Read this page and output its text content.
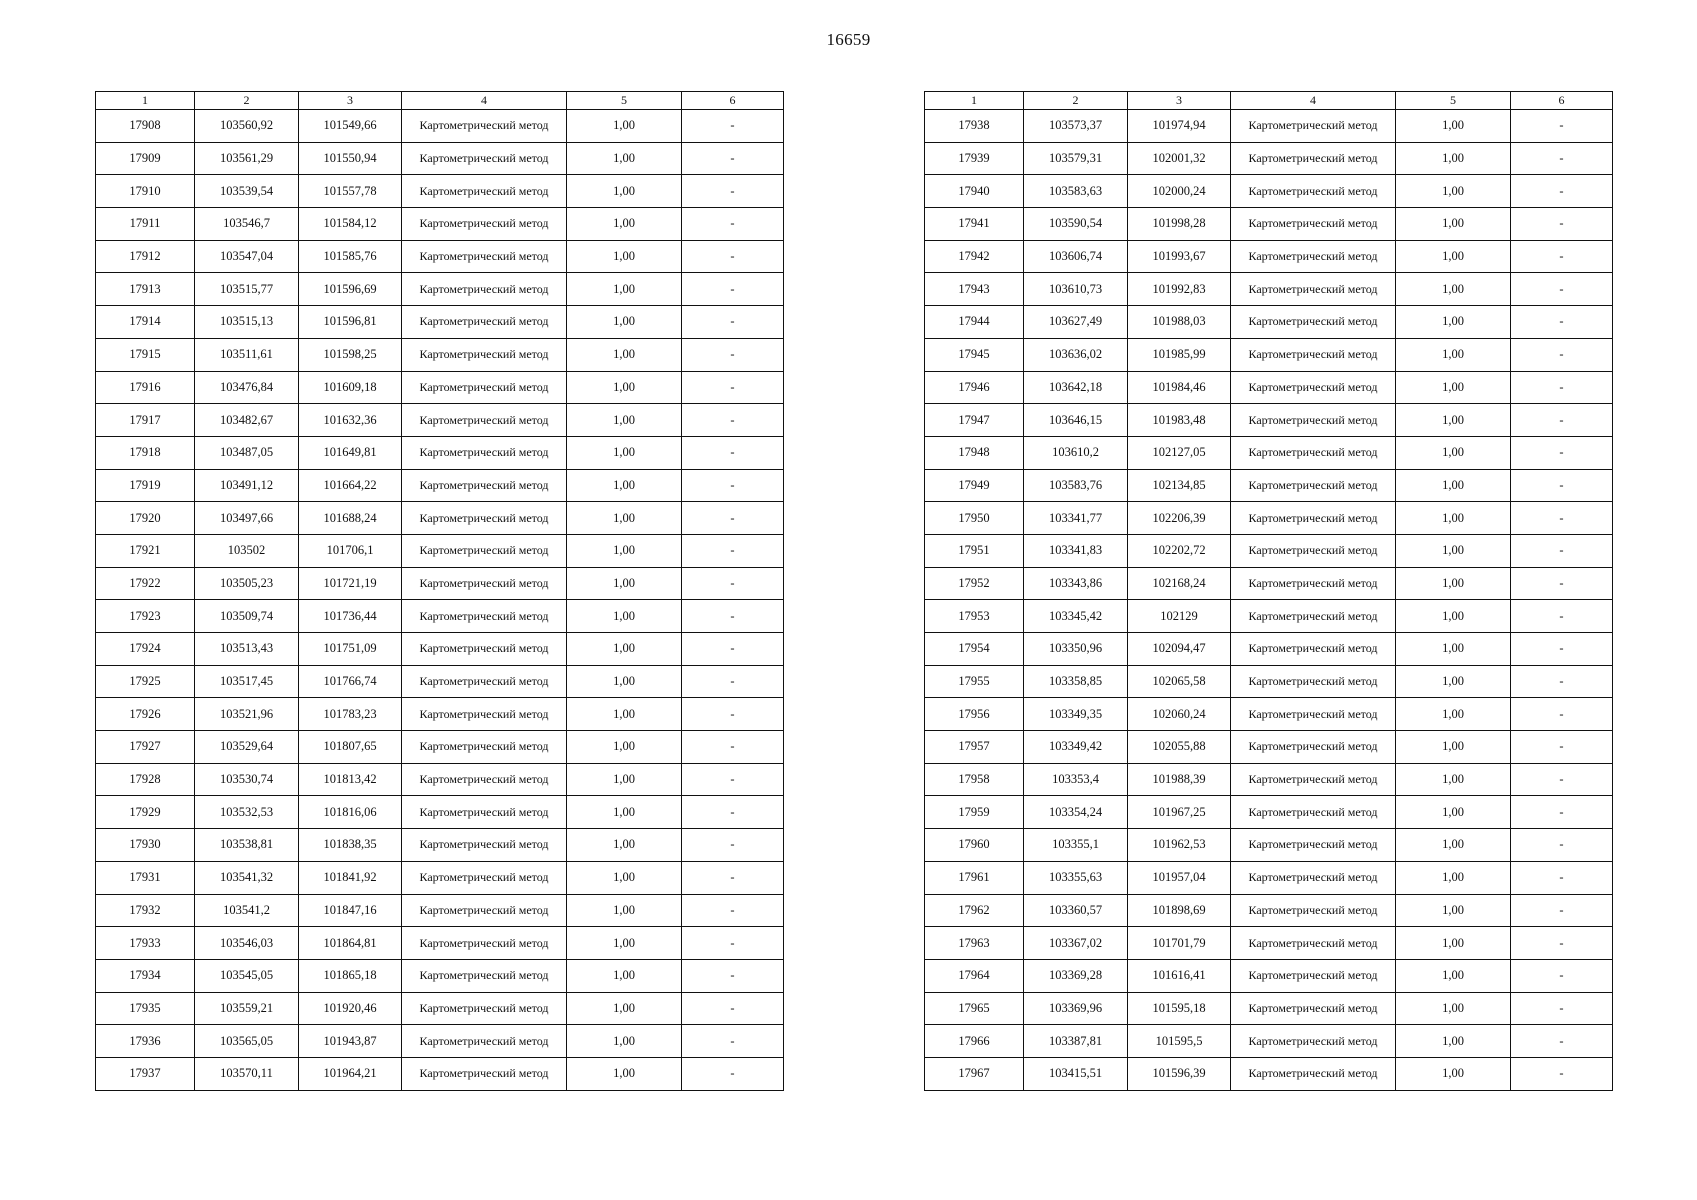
16659
1	2	3	4	5	6
17908	103560,92	101549,66	Картометрический метод	1,00	-
17909	103561,29	101550,94	Картометрический метод	1,00	-
17910	103539,54	101557,78	Картометрический метод	1,00	-
17911	103546,7	101584,12	Картометрический метод	1,00	-
17912	103547,04	101585,76	Картометрический метод	1,00	-
17913	103515,77	101596,69	Картометрический метод	1,00	-
17914	103515,13	101596,81	Картометрический метод	1,00	-
17915	103511,61	101598,25	Картометрический метод	1,00	-
17916	103476,84	101609,18	Картометрический метод	1,00	-
17917	103482,67	101632,36	Картометрический метод	1,00	-
17918	103487,05	101649,81	Картометрический метод	1,00	-
17919	103491,12	101664,22	Картометрический метод	1,00	-
17920	103497,66	101688,24	Картометрический метод	1,00	-
17921	103502	101706,1	Картометрический метод	1,00	-
17922	103505,23	101721,19	Картометрический метод	1,00	-
17923	103509,74	101736,44	Картометрический метод	1,00	-
17924	103513,43	101751,09	Картометрический метод	1,00	-
17925	103517,45	101766,74	Картометрический метод	1,00	-
17926	103521,96	101783,23	Картометрический метод	1,00	-
17927	103529,64	101807,65	Картометрический метод	1,00	-
17928	103530,74	101813,42	Картометрический метод	1,00	-
17929	103532,53	101816,06	Картометрический метод	1,00	-
17930	103538,81	101838,35	Картометрический метод	1,00	-
17931	103541,32	101841,92	Картометрический метод	1,00	-
17932	103541,2	101847,16	Картометрический метод	1,00	-
17933	103546,03	101864,81	Картометрический метод	1,00	-
17934	103545,05	101865,18	Картометрический метод	1,00	-
17935	103559,21	101920,46	Картометрический метод	1,00	-
17936	103565,05	101943,87	Картометрический метод	1,00	-
17937	103570,11	101964,21	Картометрический метод	1,00	-
1	2	3	4	5	6
17938	103573,37	101974,94	Картометрический метод	1,00	-
17939	103579,31	102001,32	Картометрический метод	1,00	-
17940	103583,63	102000,24	Картометрический метод	1,00	-
17941	103590,54	101998,28	Картометрический метод	1,00	-
17942	103606,74	101993,67	Картометрический метод	1,00	-
17943	103610,73	101992,83	Картометрический метод	1,00	-
17944	103627,49	101988,03	Картометрический метод	1,00	-
17945	103636,02	101985,99	Картометрический метод	1,00	-
17946	103642,18	101984,46	Картометрический метод	1,00	-
17947	103646,15	101983,48	Картометрический метод	1,00	-
17948	103610,2	102127,05	Картометрический метод	1,00	-
17949	103583,76	102134,85	Картометрический метод	1,00	-
17950	103341,77	102206,39	Картометрический метод	1,00	-
17951	103341,83	102202,72	Картометрический метод	1,00	-
17952	103343,86	102168,24	Картометрический метод	1,00	-
17953	103345,42	102129	Картометрический метод	1,00	-
17954	103350,96	102094,47	Картометрический метод	1,00	-
17955	103358,85	102065,58	Картометрический метод	1,00	-
17956	103349,35	102060,24	Картометрический метод	1,00	-
17957	103349,42	102055,88	Картометрический метод	1,00	-
17958	103353,4	101988,39	Картометрический метод	1,00	-
17959	103354,24	101967,25	Картометрический метод	1,00	-
17960	103355,1	101962,53	Картометрический метод	1,00	-
17961	103355,63	101957,04	Картометрический метод	1,00	-
17962	103360,57	101898,69	Картометрический метод	1,00	-
17963	103367,02	101701,79	Картометрический метод	1,00	-
17964	103369,28	101616,41	Картометрический метод	1,00	-
17965	103369,96	101595,18	Картометрический метод	1,00	-
17966	103387,81	101595,5	Картометрический метод	1,00	-
17967	103415,51	101596,39	Картометрический метод	1,00	-
